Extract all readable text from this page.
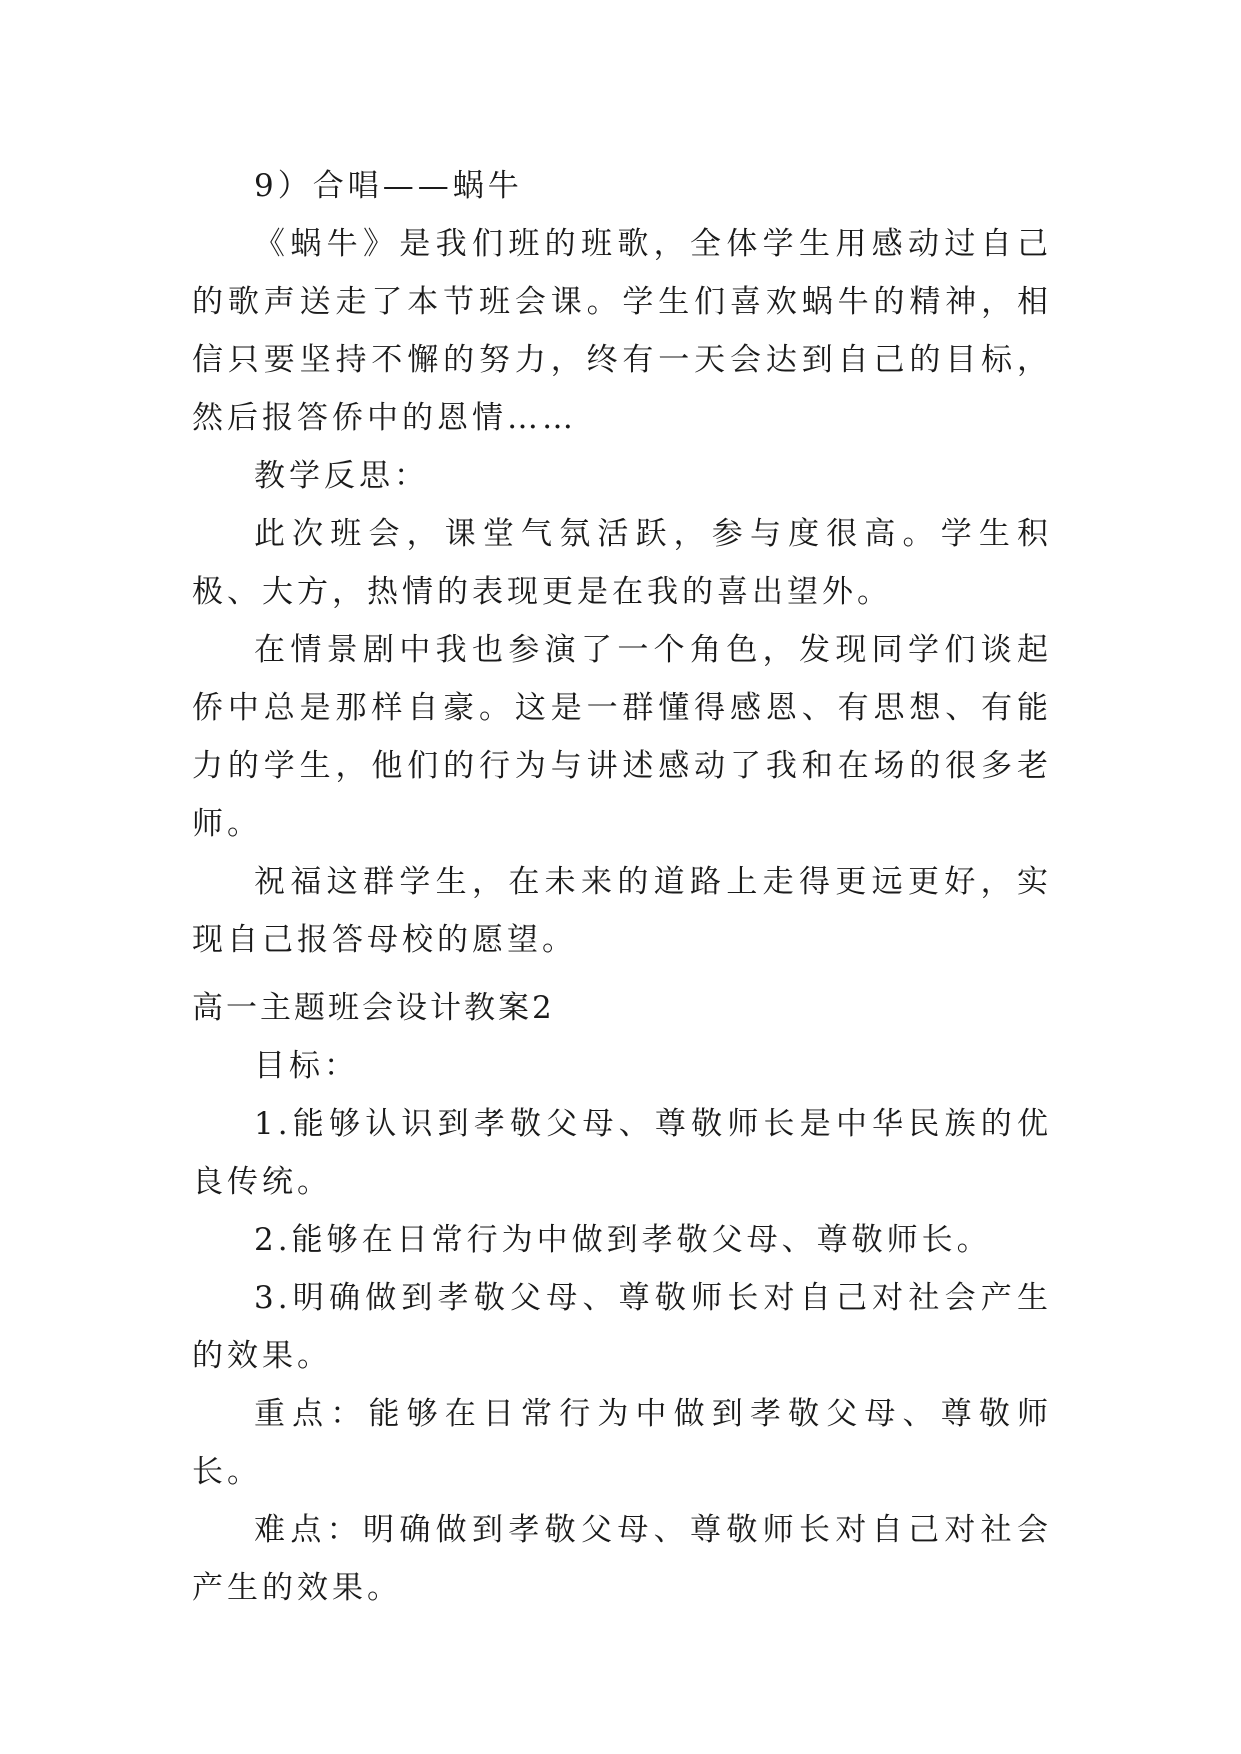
9）合唱——蜗牛

《蜗牛》是我们班的班歌，全体学生用感动过自己的歌声送走了本节班会课。学生们喜欢蜗牛的精神，相信只要坚持不懈的努力，终有一天会达到自己的目标，然后报答侨中的恩情……

教学反思：

此次班会，课堂气氛活跃，参与度很高。学生积极、大方，热情的表现更是在我的喜出望外。

在情景剧中我也参演了一个角色，发现同学们谈起侨中总是那样自豪。这是一群懂得感恩、有思想、有能力的学生，他们的行为与讲述感动了我和在场的很多老师。

祝福这群学生，在未来的道路上走得更远更好，实现自己报答母校的愿望。

高一主题班会设计教案2

目标：

1.能够认识到孝敬父母、尊敬师长是中华民族的优良传统。

2.能够在日常行为中做到孝敬父母、尊敬师长。

3.明确做到孝敬父母、尊敬师长对自己对社会产生的效果。

重点：能够在日常行为中做到孝敬父母、尊敬师长。

难点：明确做到孝敬父母、尊敬师长对自己对社会产生的效果。
